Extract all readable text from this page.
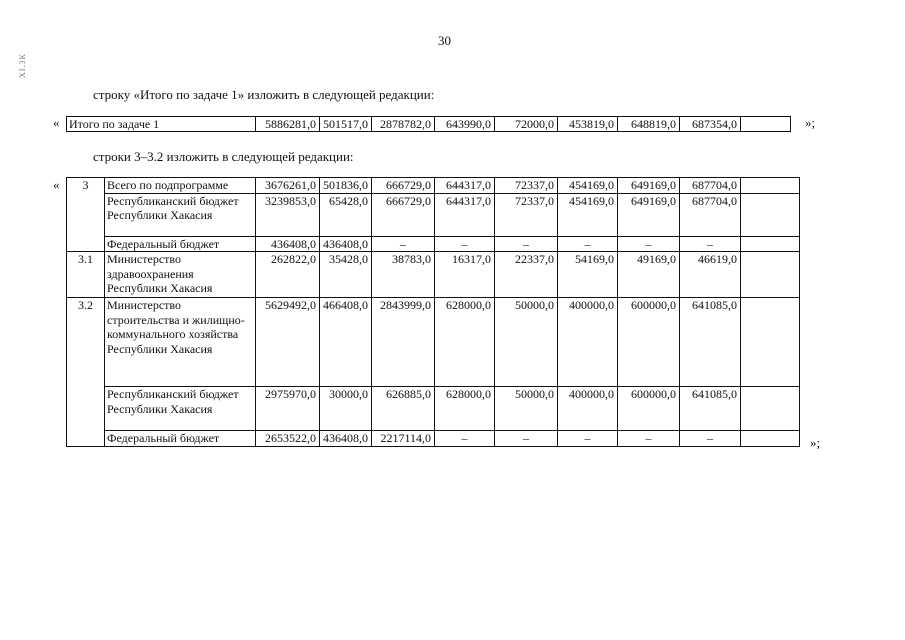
ХI.3К
30
строку «Итого по задаче 1» изложить в следующей редакции:
« Итого по задаче 1	5886281,0	501517,0	2878782,0	643990,0	72000,0	453819,0	648819,0	687354,0		»;
строки 3–3.2 изложить в следующей редакции:
« 3	Всего по подпрограмме	3676261,0	501836,0	666729,0	644317,0	72337,0	454169,0	649169,0	687704,0	
	Республиканский бюджет Республики Хакасия	3239853,0	65428,0	666729,0	644317,0	72337,0	454169,0	649169,0	687704,0	
	Федеральный бюджет	436408,0	436408,0	–	–	–	–	–	–	
3.1	Министерство здравоохранения Республики Хакасия	262822,0	35428,0	38783,0	16317,0	22337,0	54169,0	49169,0	46619,0	
3.2	Министерство строительства и жилищно-коммунального хозяйства Республики Хакасия	5629492,0	466408,0	2843999,0	628000,0	50000,0	400000,0	600000,0	641085,0	
	Республиканский бюджет Республики Хакасия	2975970,0	30000,0	626885,0	628000,0	50000,0	400000,0	600000,0	641085,0	
	Федеральный бюджет	2653522,0	436408,0	2217114,0	–	–	–	–	–		»;
